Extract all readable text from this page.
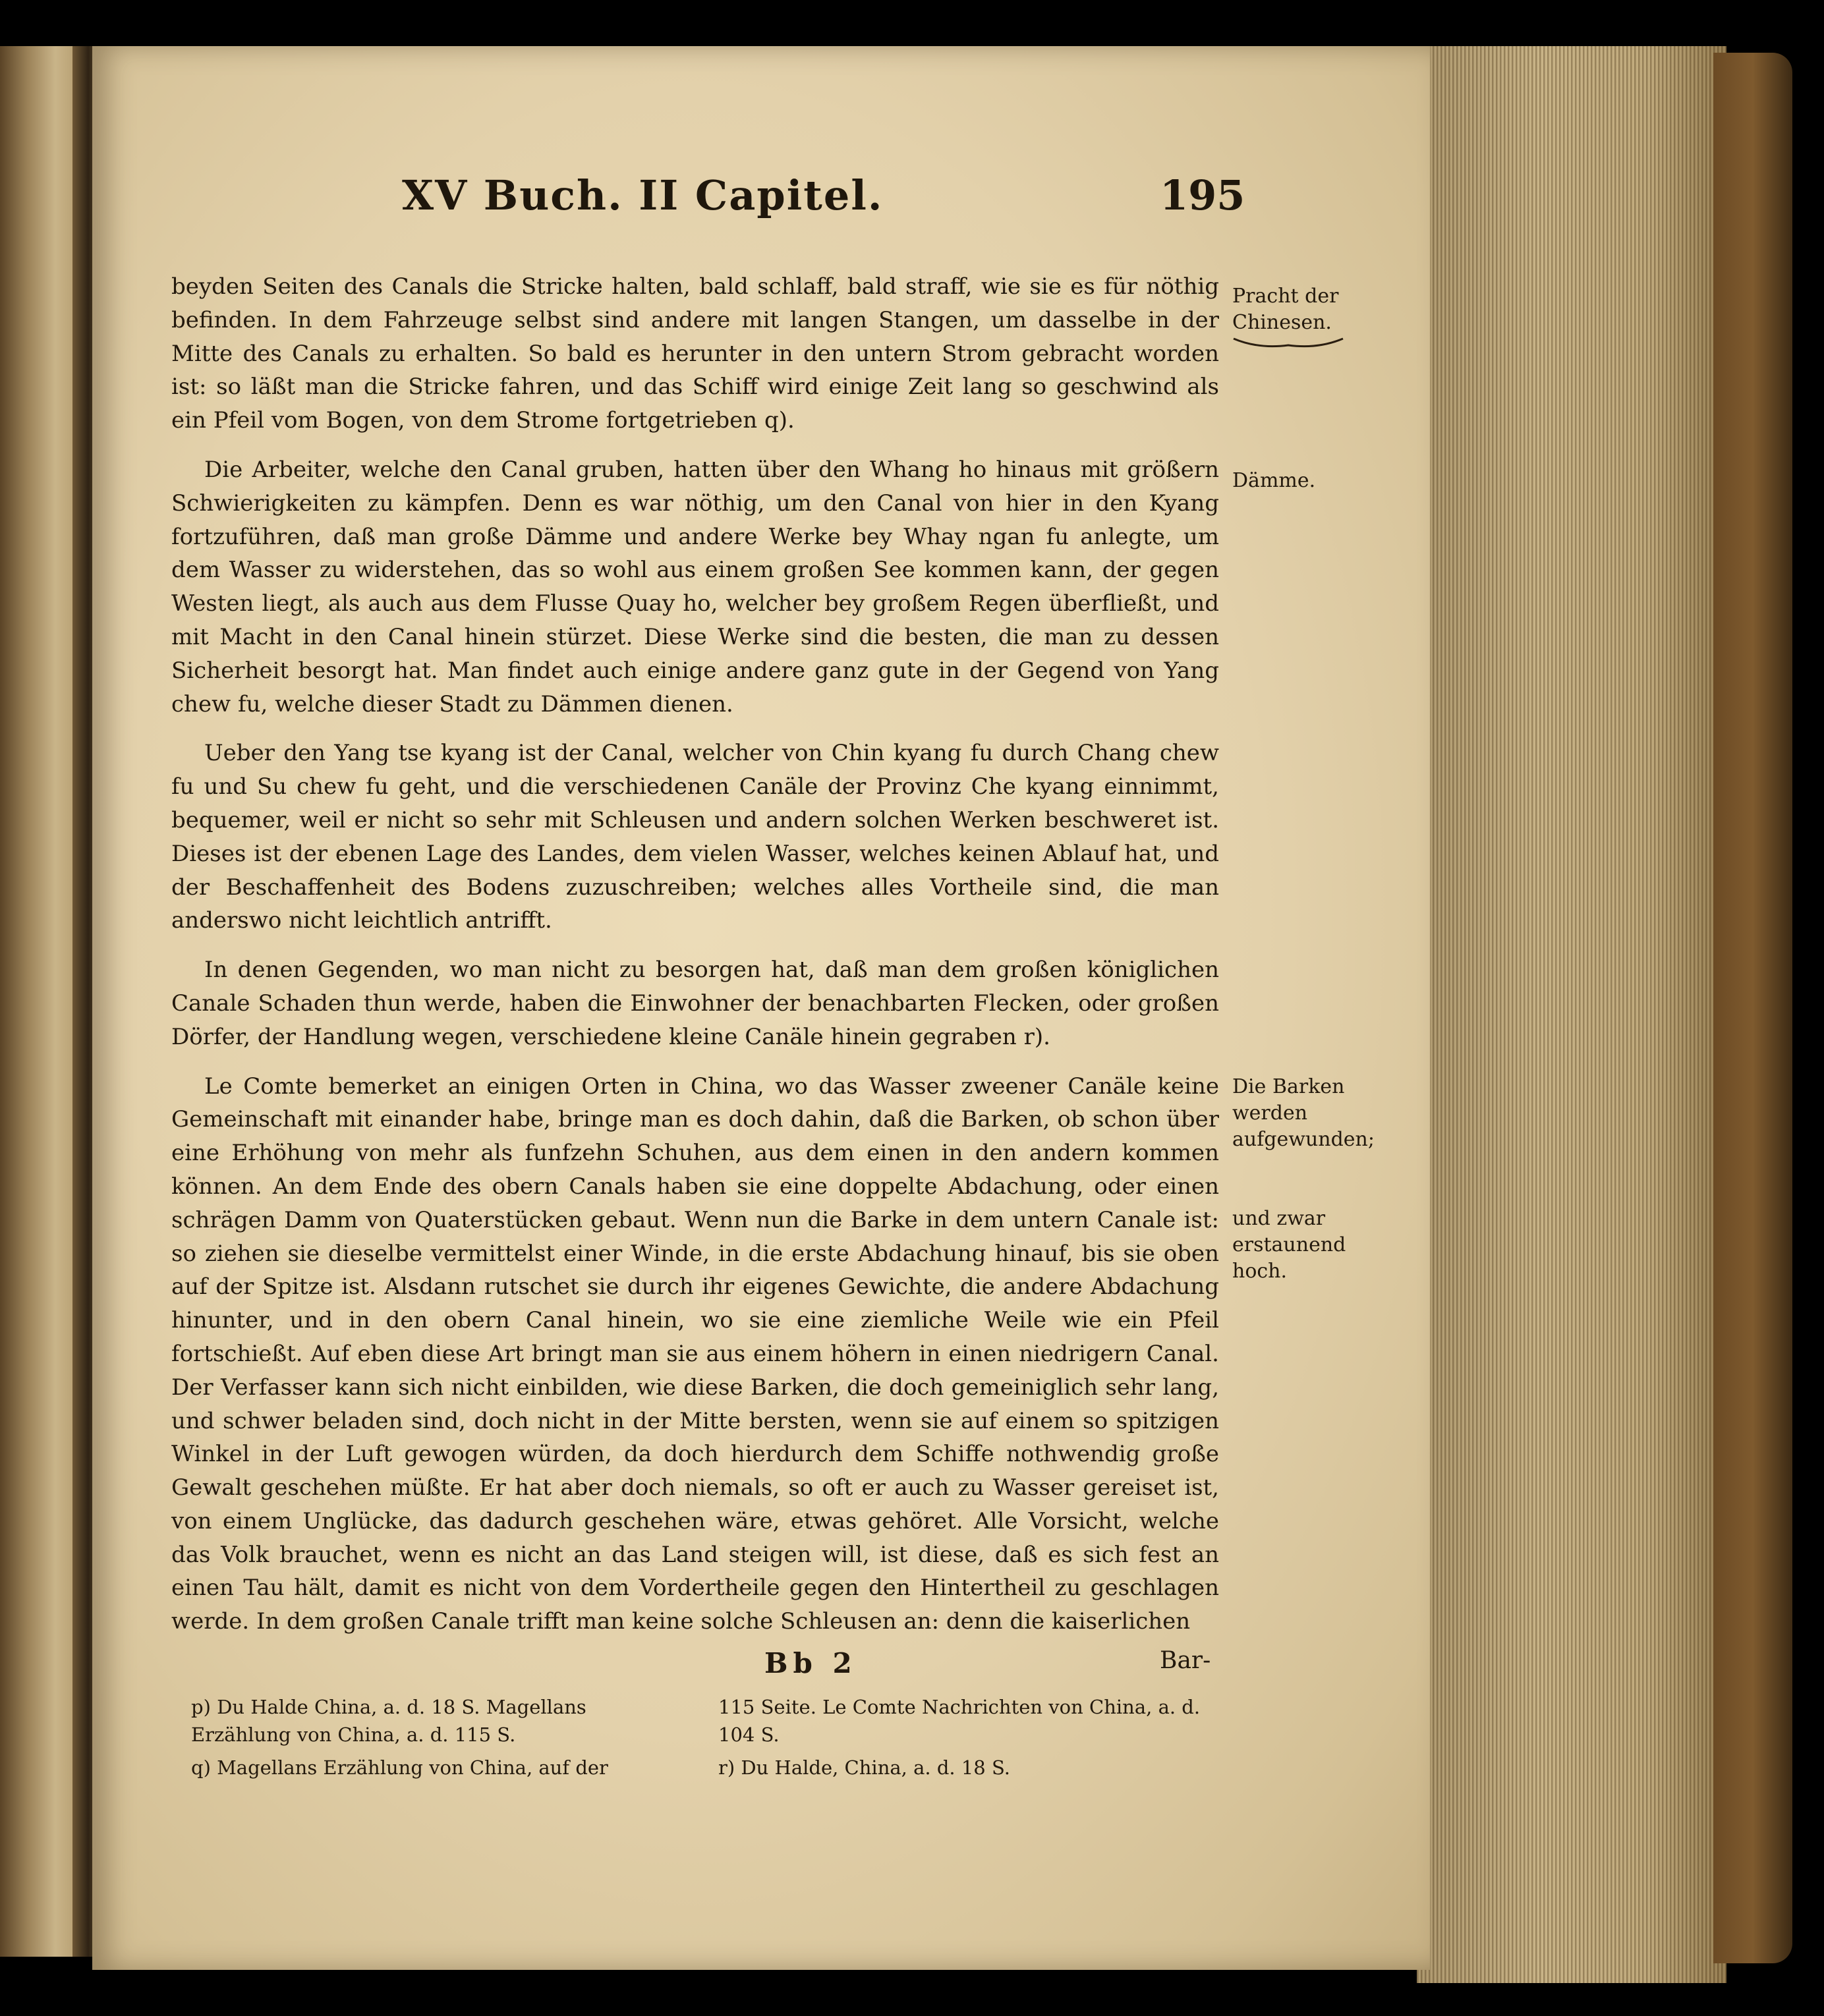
XV Buch. II Capitel.	195

beyden Seiten des Canals die Stricke halten, bald schlaff, bald straff, wie sie es für nöthig befinden. In dem Fahrzeuge selbst sind andere mit langen Stangen, um dasselbe in der Mitte des Canals zu erhalten. So bald es herunter in den untern Strom gebracht worden ist: so läßt man die Stricke fahren, und das Schiff wird einige Zeit lang so geschwind als ein Pfeil vom Bogen, von dem Strome fortgetrieben q).

Die Arbeiter, welche den Canal gruben, hatten über den Whang ho hinaus mit größern Schwierigkeiten zu kämpfen. Denn es war nöthig, um den Canal von hier in den Kyang fortzuführen, daß man große Dämme und andere Werke bey Whay ngan fu anlegte, um dem Wasser zu widerstehen, das so wohl aus einem großen See kommen kann, der gegen Westen liegt, als auch aus dem Flusse Quay ho, welcher bey großem Regen überfließt, und mit Macht in den Canal hinein stürzet. Diese Werke sind die besten, die man zu dessen Sicherheit besorgt hat. Man findet auch einige andere ganz gute in der Gegend von Yang chew fu, welche dieser Stadt zu Dämmen dienen.

Ueber den Yang tse kyang ist der Canal, welcher von Chin kyang fu durch Chang chew fu und Su chew fu geht, und die verschiedenen Canäle der Provinz Che kyang einnimmt, bequemer, weil er nicht so sehr mit Schleusen und andern solchen Werken beschweret ist. Dieses ist der ebenen Lage des Landes, dem vielen Wasser, welches keinen Ablauf hat, und der Beschaffenheit des Bodens zuzuschreiben; welches alles Vortheile sind, die man anderswo nicht leichtlich antrifft.

In denen Gegenden, wo man nicht zu besorgen hat, daß man dem großen königlichen Canale Schaden thun werde, haben die Einwohner der benachbarten Flecken, oder großen Dörfer, der Handlung wegen, verschiedene kleine Canäle hinein gegraben r).

Le Comte bemerket an einigen Orten in China, wo das Wasser zweener Canäle keine Gemeinschaft mit einander habe, bringe man es doch dahin, daß die Barken, ob schon über eine Erhöhung von mehr als funfzehn Schuhen, aus dem einen in den andern kommen können. An dem Ende des obern Canals haben sie eine doppelte Abdachung, oder einen schrägen Damm von Quaterstücken gebaut. Wenn nun die Barke in dem untern Canale ist: so ziehen sie dieselbe vermittelst einer Winde, in die erste Abdachung hinauf, bis sie oben auf der Spitze ist. Alsdann rutschet sie durch ihr eigenes Gewichte, die andere Abdachung hinunter, und in den obern Canal hinein, wo sie eine ziemliche Weile wie ein Pfeil fortschießt. Auf eben diese Art bringt man sie aus einem höhern in einen niedrigern Canal. Der Verfasser kann sich nicht einbilden, wie diese Barken, die doch gemeiniglich sehr lang, und schwer beladen sind, doch nicht in der Mitte bersten, wenn sie auf einem so spitzigen Winkel in der Luft gewogen würden, da doch hierdurch dem Schiffe nothwendig große Gewalt geschehen müßte. Er hat aber doch niemals, so oft er auch zu Wasser gereiset ist, von einem Unglücke, das dadurch geschehen wäre, etwas gehöret. Alle Vorsicht, welche das Volk brauchet, wenn es nicht an das Land steigen will, ist diese, daß es sich fest an einen Tau hält, damit es nicht von dem Vordertheile gegen den Hintertheil zu geschlagen werde. In dem großen Canale trifft man keine solche Schleusen an: denn die kaiserlichen

Pracht der Chinesen.
Dämme.
Die Barken werden aufgewunden;
und zwar erstaunend hoch.
Bb 2	Bar-

p) Du Halde China, a. d. 18 S. Magellans Erzählung von China, a. d. 115 S.

q) Magellans Erzählung von China, auf der

115 Seite. Le Comte Nachrichten von China, a. d. 104 S.

r) Du Halde, China, a. d. 18 S.
